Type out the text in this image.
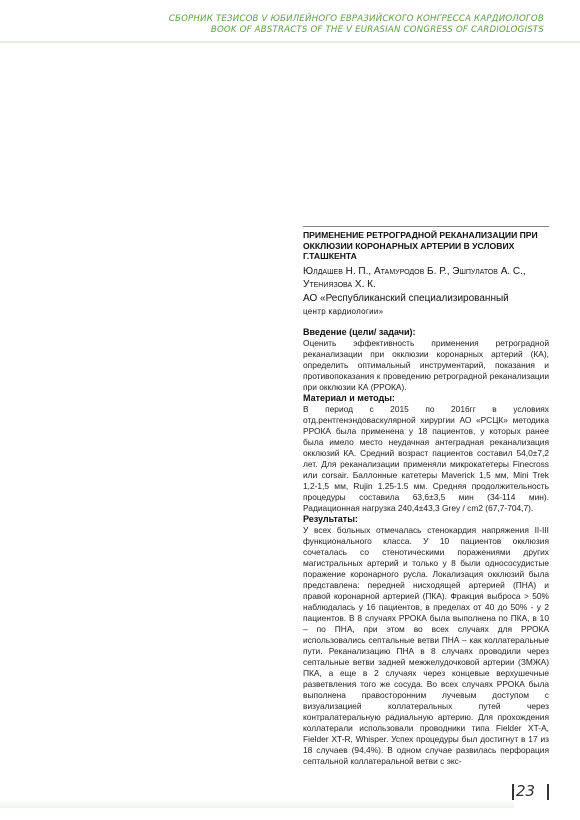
СБОРНИК ТЕЗИСОВ V ЮБИЛЕЙНОГО ЕВРАЗИЙСКОГО КОНГРЕССА КАРДИОЛОГОВ
BOOK OF ABSTRACTS OF THE V EURASIAN CONGRESS OF CARDIOLOGISTS
ПРИМЕНЕНИЕ РЕТРОГРАДНОЙ РЕКАНАЛИЗАЦИИ ПРИ ОККЛЮЗИИ КОРОНАРНЫХ АРТЕРИИ В УСЛОВИХ Г.ТАШКЕНТА
Юлдашев Н. П., Атамуродов Б. Р., Эшпулатов А. С., Утениязова Х. К.
АО «Республиканский специализированный
центр кардиологии»
Введение (цели/ задачи):

Оценить эффективность применения ретроградной реканализации при окклюзии коронарных артерий (КА), определить оптимальный инструментарий, показания и противопоказания к проведению ретроградной реканализации при окклюзии КА (РРОКА).

Материал и методы:

В период с 2015 по 2016гг в условиях отд.рентгенэндоваскулярной хирургии АО «РСЦК» методика РРОКА была применена у 18 пациентов, у которых ранее была имело место неудачная антеградная реканализация окклюзий КА. Средний возраст пациентов составил 54,0±7,2 лет. Для реканализации применяли микрокатетеры Finecross или corsair. Баллонные катетеры Maverick 1,5 мм, Mini Trek 1,2-1,5 мм, Rujin 1.25-1.5 мм. Средняя продолжительность процедуры составила 63,6±3,5 мин (34-114 мин). Радиационная нагрузка 240,4±43,3 Grey / cm2 (67,7-704,7).

Результаты:

У всех больных отмечалась стенокардия напряжения II-III функционального класса. У 10 пациентов окклюзия сочеталась со стенотическими поражениями других магистральных артерий и только у 8 были однососудистые поражение коронарного русла. Локализация окклюзий была представлена: передней нисходящей артерией (ПНА) и правой коронарной артерией (ПКА). Фракция выброса > 50% наблюдалась у 16 пациентов, в пределах от 40 до 50% - у 2 пациентов. В 8 случаях РРОКА была выполнена по ПКА, в 10 – по ПНА, при этом во всех случаях для РРОКА использовались септальные ветви ПНА – как коллатеральные пути. Реканализацию ПНА в 8 случаях проводили через септальные ветви задней межжелудочковой артерии (ЗМЖА) ПКА, а еще в 2 случаях через концевые верхушечные разветвления того же сосуда. Во всех случаях РРОКА была выполнена правосторонним лучевым доступом с визуализацией коллатеральных путей через контралатеральную радиальную артерию. Для прохождения коллатерали использовали проводники типа Fielder XT-A, Fielder XT-R, Whisper. Успех процедуры был достигнут в 17 из 18 случаев (94,4%). В одном случае развилась перфорация септальной коллатеральной ветви с экс-

23
